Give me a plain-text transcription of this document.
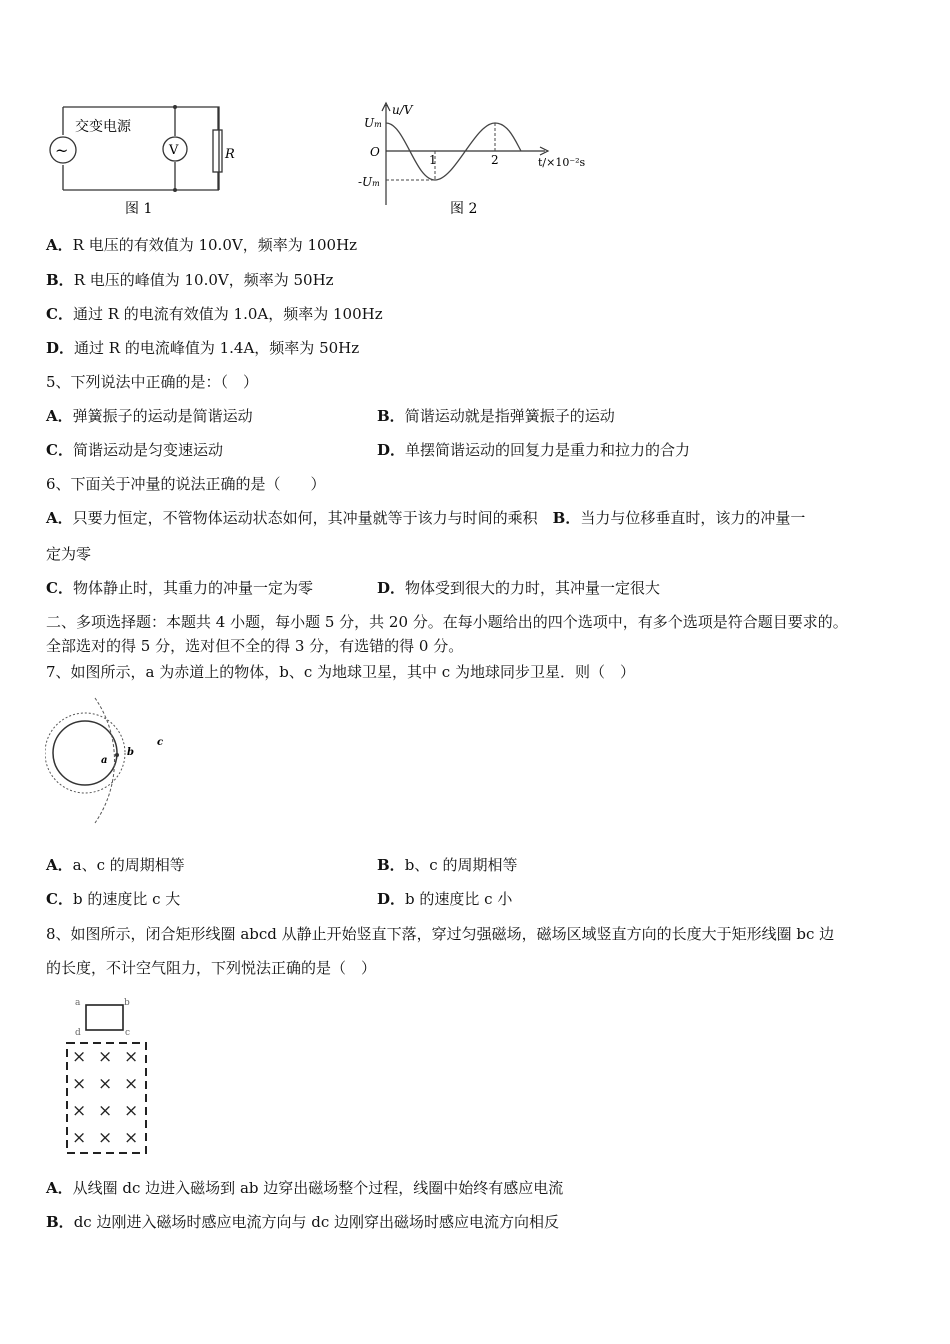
~	V	R
交变电源
图 1
u/V
Um
O
-Um
1	2	t/×10⁻²s
图 2
A．R 电压的有效值为 10.0V，频率为 100Hz
B．R 电压的峰值为 10.0V，频率为 50Hz
C．通过 R 的电流有效值为 1.0A，频率为 100Hz
D．通过 R 的电流峰值为 1.4A，频率为 50Hz
5、下列说法中正确的是：（　）
A．弹簧振子的运动是简谐运动	B．简谐运动就是指弹簧振子的运动
C．简谐运动是匀变速运动	D．单摆简谐运动的回复力是重力和拉力的合力
6、下面关于冲量的说法正确的是（　　）
A．只要力恒定，不管物体运动状态如何，其冲量就等于该力与时间的乘积　 B．当力与位移垂直时，该力的冲量一
定为零
C．物体静止时，其重力的冲量一定为零	D．物体受到很大的力时，其冲量一定很大
二、多项选择题：本题共 4 小题，每小题 5 分，共 20 分。在每小题给出的四个选项中，有多个选项是符合题目要求的。
全部选对的得 5 分，选对但不全的得 3 分，有选错的得 0 分。
7、如图所示，a 为赤道上的物体，b、c 为地球卫星，其中 c 为地球同步卫星．则（　）
a
b
c
A．a、c 的周期相等	B．b、c 的周期相等
C．b 的速度比 c 大	D．b 的速度比 c 小
8、如图所示，闭合矩形线圈 abcd 从静止开始竖直下落，穿过匀强磁场，磁场区域竖直方向的长度大于矩形线圈 bc 边
的长度，不计空气阻力，下列悦法正确的是（　）
a	b
c
d
× × ×
× × ×
× × ×
× × ×
A．从线圈 dc 边进入磁场到 ab 边穿出磁场整个过程，线圈中始终有感应电流
B．dc 边刚进入磁场时感应电流方向与 dc 边刚穿出磁场时感应电流方向相反
